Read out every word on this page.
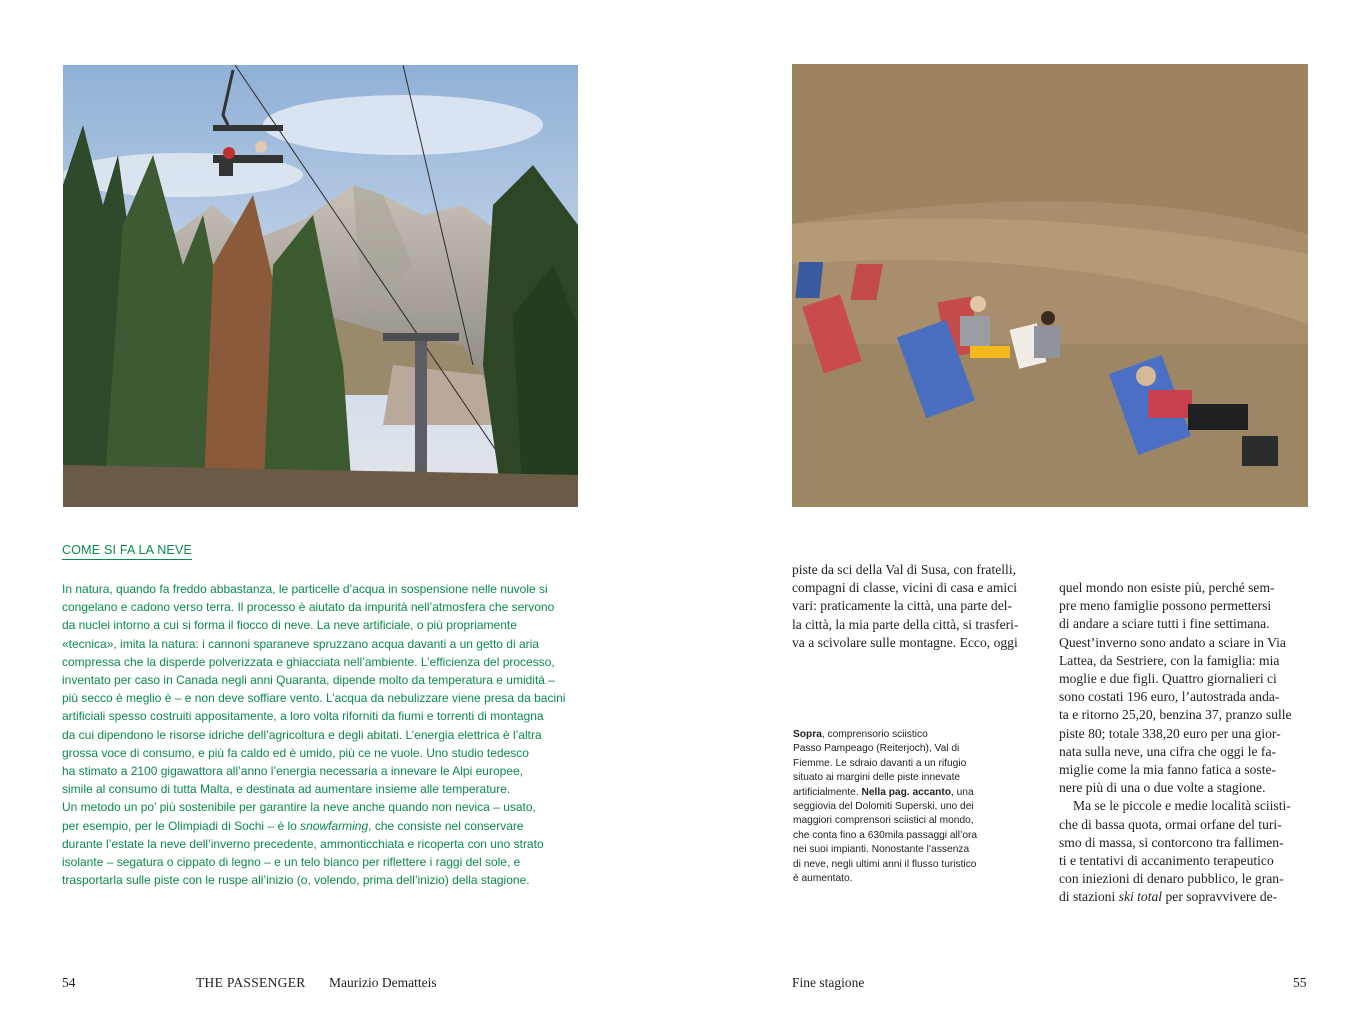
COME SI FA LA NEVE
In natura, quando fa freddo abbastanza, le particelle d’acqua in sospensione nelle nuvole si
congelano e cadono verso terra. Il processo è aiutato da impurità nell’atmosfera che servono
da nuclei intorno a cui si forma il fiocco di neve. La neve artificiale, o più propriamente
«tecnica», imita la natura: i cannoni sparaneve spruzzano acqua davanti a un getto di aria
compressa che la disperde polverizzata e ghiacciata nell’ambiente. L’efficienza del processo,
inventato per caso in Canada negli anni Quaranta, dipende molto da temperatura e umidità –
più secco è meglio è – e non deve soffiare vento. L’acqua da nebulizzare viene presa da bacini
artificiali spesso costruiti appositamente, a loro volta riforniti da fiumi e torrenti di montagna
da cui dipendono le risorse idriche dell’agricoltura e degli abitati. L’energia elettrica è l’altra
grossa voce di consumo, e più fa caldo ed è umido, più ce ne vuole. Uno studio tedesco
ha stimato a 2100 gigawattora all’anno l’energia necessaria a innevare le Alpi europee,
simile al consumo di tutta Malta, e destinata ad aumentare insieme alle temperature.
Un metodo un po’ più sostenibile per garantire la neve anche quando non nevica – usato,
per esempio, per le Olimpiadi di Sochi – è lo snowfarming, che consiste nel conservare
durante l’estate la neve dell’inverno precedente, ammonticchiata e ricoperta con uno strato
isolante – segatura o cippato di legno – e un telo bianco per riflettere i raggi del sole, e
trasportarla sulle piste con le ruspe all’inizio (o, volendo, prima dell’inizio) della stagione.
piste da sci della Val di Susa, con fratelli,
compagni di classe, vicini di casa e amici
vari: praticamente la città, una parte del-
la città, la mia parte della città, si trasferi-
va a scivolare sulle montagne. Ecco, oggi
Sopra, comprensorio sciistico
Passo Pampeago (Reiterjoch), Val di
Fiemme. Le sdraio davanti a un rifugio
situato ai margini delle piste innevate
artificialmente. Nella pag. accanto, una
seggiovia del Dolomiti Superski, uno dei
maggiori comprensori sciistici al mondo,
che conta fino a 630mila passaggi all’ora
nei suoi impianti. Nonostante l’assenza
di neve, negli ultimi anni il flusso turistico
è aumentato.
quel mondo non esiste più, perché sem-
pre meno famiglie possono permettersi
di andare a sciare tutti i fine settimana.
Quest’inverno sono andato a sciare in Via
Lattea, da Sestriere, con la famiglia: mia
moglie e due figli. Quattro giornalieri ci
sono costati 196 euro, l’autostrada anda-
ta e ritorno 25,20, benzina 37, pranzo sulle
piste 80; totale 338,20 euro per una gior-
nata sulla neve, una cifra che oggi le fa-
miglie come la mia fanno fatica a soste-
nere più di una o due volte a stagione.
Ma se le piccole e medie località sciisti-
che di bassa quota, ormai orfane del turi-
smo di massa, si contorcono tra fallimen-
ti e tentativi di accanimento terapeutico
con iniezioni di denaro pubblico, le gran-
di stazioni ski total per sopravvivere de-
54	THE PASSENGER Maurizio Dematteis	Fine stagione	55
